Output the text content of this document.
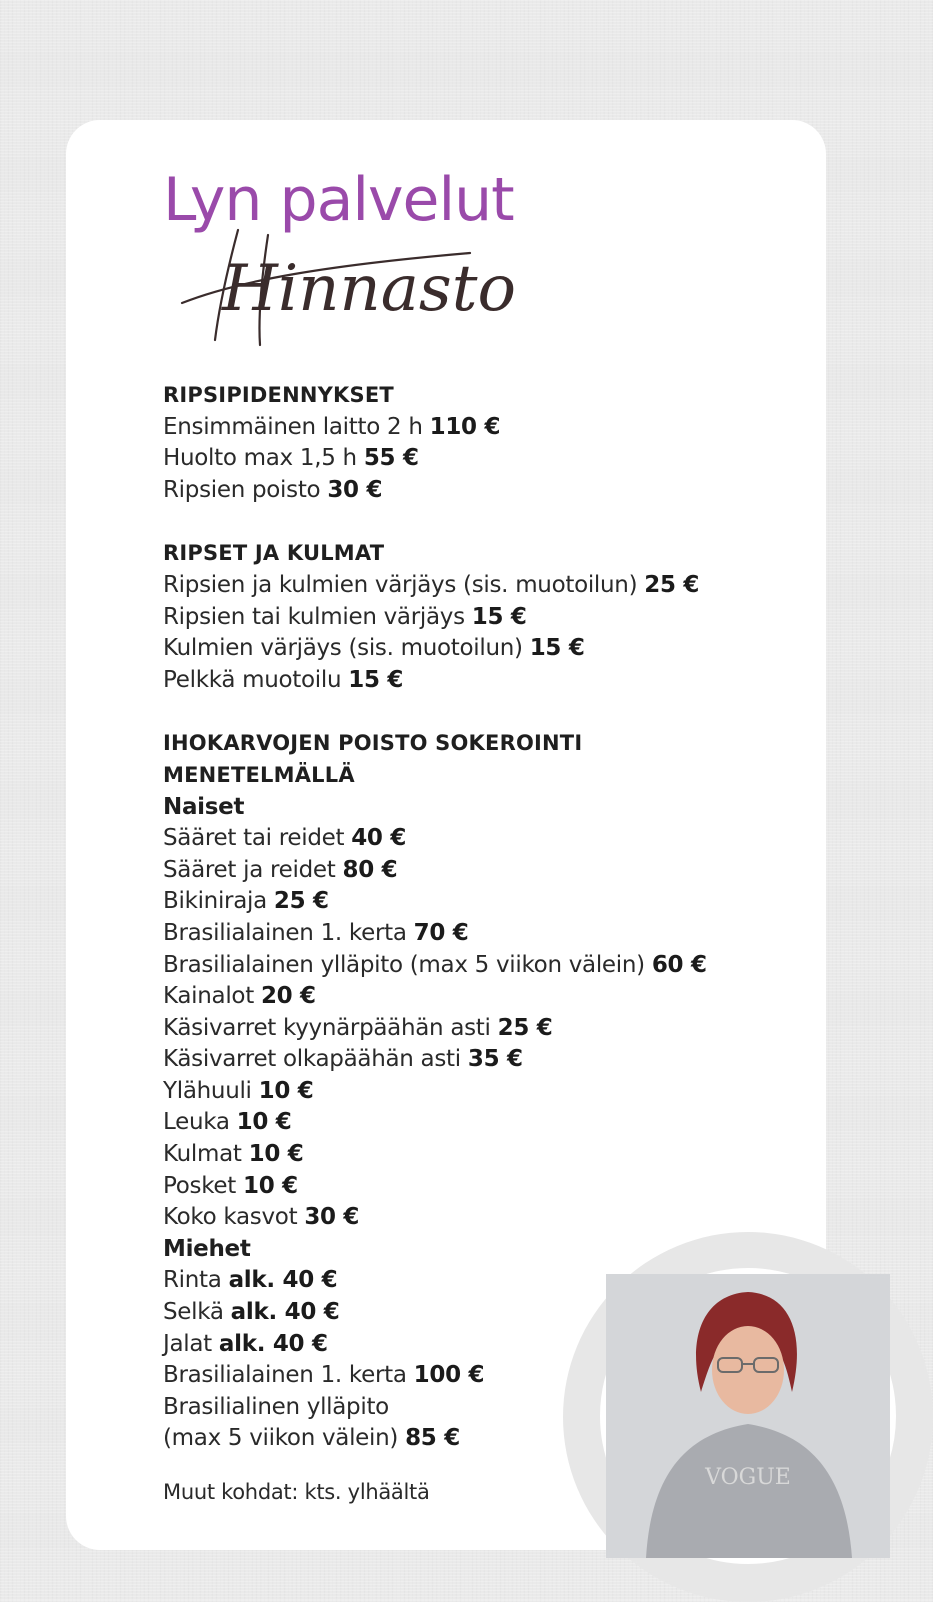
Lyn palvelut
Hinnasto
RIPSIPIDENNYKSET
Ensimmäinen laitto 2 h 110 €
Huolto max 1,5 h 55 €
Ripsien poisto 30 €
RIPSET JA KULMAT
Ripsien ja kulmien värjäys (sis. muotoilun) 25 €
Ripsien tai kulmien värjäys 15 €
Kulmien värjäys (sis. muotoilun) 15 €
Pelkkä muotoilu 15 €
IHOKARVOJEN POISTO SOKEROINTI
MENETELMÄLLÄ
Naiset
Sääret tai reidet 40 €
Sääret ja reidet 80 €
Bikiniraja 25 €
Brasilialainen 1. kerta 70 €
Brasilialainen ylläpito (max 5 viikon välein) 60 €
Kainalot 20 €
Käsivarret kyynärpäähän asti 25 €
Käsivarret olkapäähän asti 35 €
Ylähuuli 10 €
Leuka 10 €
Kulmat 10 €
Posket 10 €
Koko kasvot 30 €
Miehet
Rinta alk. 40 €
Selkä alk. 40 €
Jalat alk. 40 €
Brasilialainen 1. kerta 100 €
Brasilialinen ylläpito
(max 5 viikon välein) 85 €
Muut kohdat: kts. ylhäältä
VOGUE
